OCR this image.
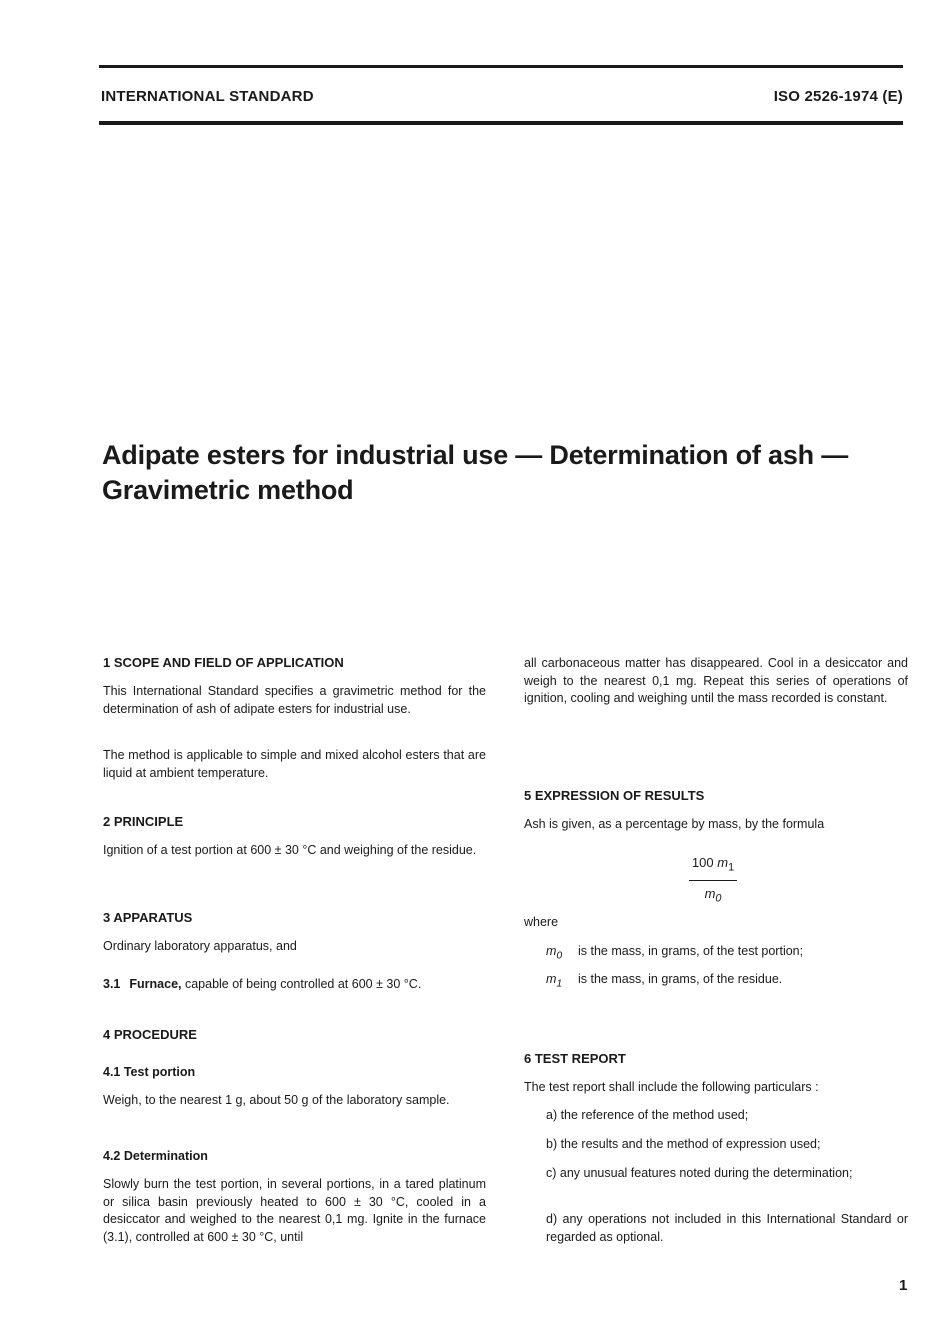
INTERNATIONAL STANDARD	ISO 2526-1974 (E)
Adipate esters for industrial use — Determination of ash —
Gravimetric method
1 SCOPE AND FIELD OF APPLICATION
This International Standard specifies a gravimetric method for the determination of ash of adipate esters for industrial use.
The method is applicable to simple and mixed alcohol esters that are liquid at ambient temperature.
2 PRINCIPLE
Ignition of a test portion at 600 ± 30 °C and weighing of the residue.
3 APPARATUS
Ordinary laboratory apparatus, and
3.1 Furnace, capable of being controlled at 600 ± 30 °C.
4 PROCEDURE
4.1 Test portion
Weigh, to the nearest 1 g, about 50 g of the laboratory sample.
4.2 Determination
Slowly burn the test portion, in several portions, in a tared platinum or silica basin previously heated to 600 ± 30 °C, cooled in a desiccator and weighed to the nearest 0,1 mg. Ignite in the furnace (3.1), controlled at 600 ± 30 °C, until
all carbonaceous matter has disappeared. Cool in a desiccator and weigh to the nearest 0,1 mg. Repeat this series of operations of ignition, cooling and weighing until the mass recorded is constant.
5 EXPRESSION OF RESULTS
Ash is given, as a percentage by mass, by the formula
$\frac{100 m_1}{m_0}$
where
$m_0$ is the mass, in grams, of the test portion;
$m_1$ is the mass, in grams, of the residue.
6 TEST REPORT
The test report shall include the following particulars :
a) the reference of the method used;
b) the results and the method of expression used;
c) any unusual features noted during the determination;
d) any operations not included in this International Standard or regarded as optional.
1
